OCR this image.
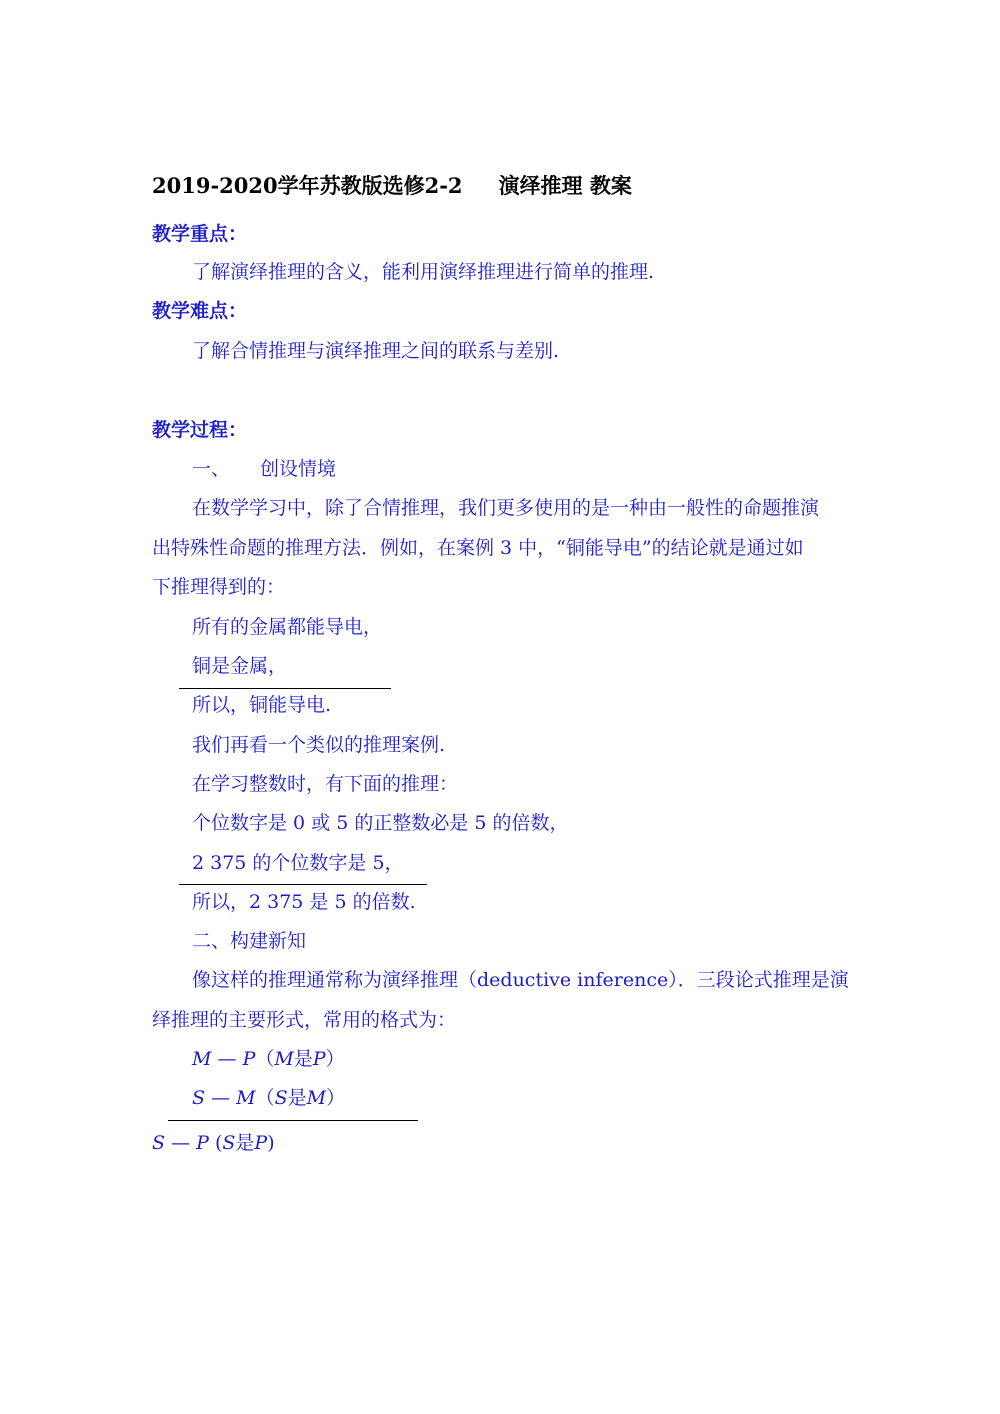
2019-2020学年苏教版选修2-2 演绎推理 教案
教学重点：
了解演绎推理的含义，能利用演绎推理进行简单的推理.
教学难点：
了解合情推理与演绎推理之间的联系与差别.
教学过程：
一、 创设情境
在数学学习中，除了合情推理，我们更多使用的是一种由一般性的命题推演
出特殊性命题的推理方法．例如，在案例 3 中，“铜能导电”的结论就是通过如
下推理得到的：
所有的金属都能导电，
铜是金属，
所以，铜能导电.
我们再看一个类似的推理案例.
在学习整数时，有下面的推理：
个位数字是 0 或 5 的正整数必是 5 的倍数，
2 375 的个位数字是 5，
所以，2 375 是 5 的倍数.
二、构建新知
像这样的推理通常称为演绎推理（deductive inference）．三段论式推理是演
绎推理的主要形式，常用的格式为：
M — P（M是P）
S — M（S是M）
S — P (S是P)
